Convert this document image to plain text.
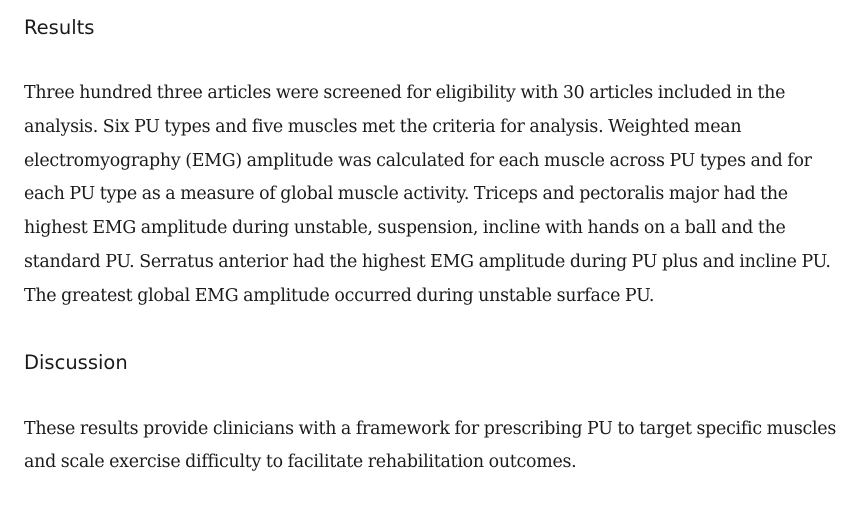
Results

Three hundred three articles were screened for eligibility with 30 articles included in the analysis. Six PU types and five muscles met the criteria for analysis. Weighted mean electromyography (EMG) amplitude was calculated for each muscle across PU types and for each PU type as a measure of global muscle activity. Triceps and pectoralis major had the highest EMG amplitude during unstable, suspension, incline with hands on a ball and the standard PU. Serratus anterior had the highest EMG amplitude during PU plus and incline PU. The greatest global EMG amplitude occurred during unstable surface PU.

Discussion

These results provide clinicians with a framework for prescribing PU to target specific muscles and scale exercise difficulty to facilitate rehabilitation outcomes.
